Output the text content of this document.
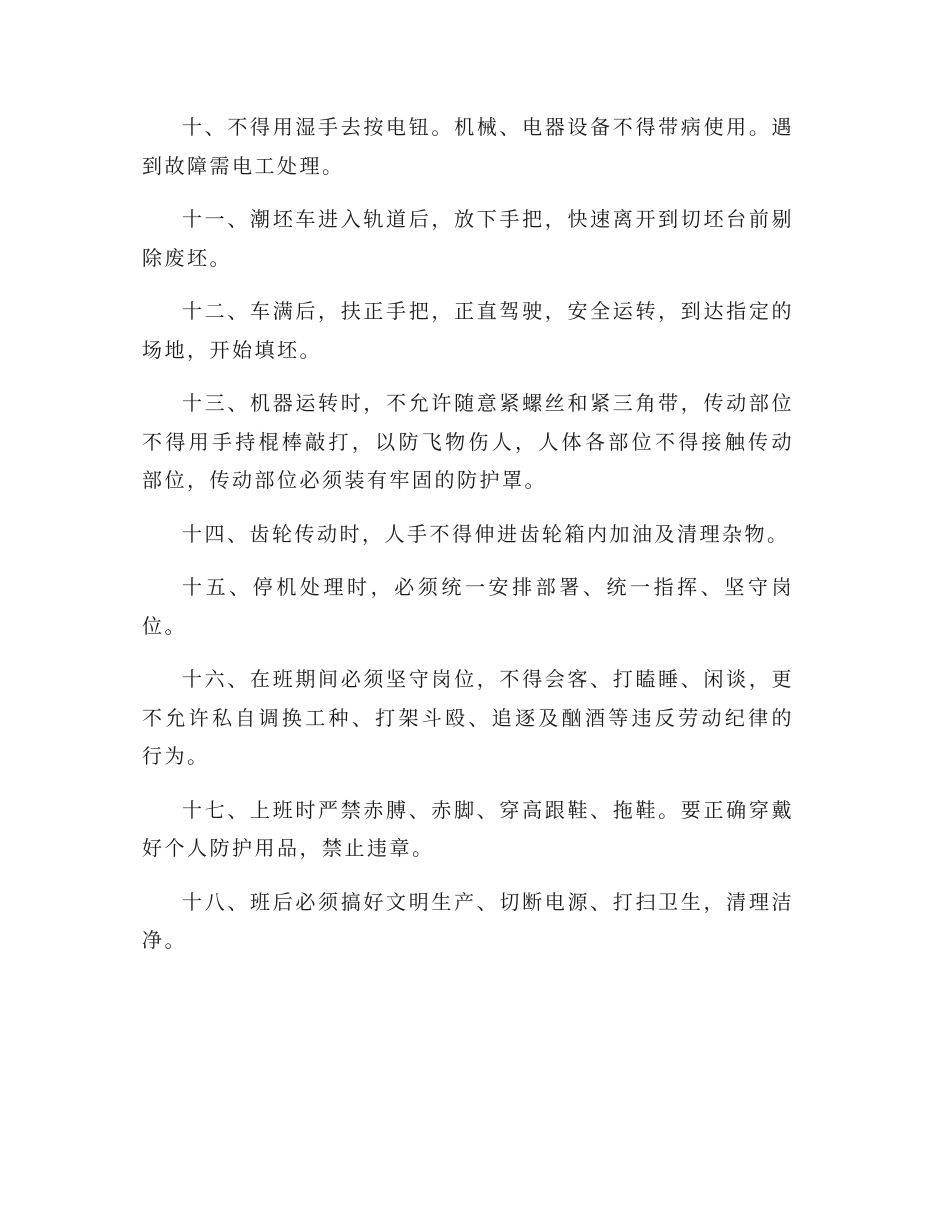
十、不得用湿手去按电钮。机械、电器设备不得带病使用。遇到故障需电工处理。

十一、潮坯车进入轨道后，放下手把，快速离开到切坯台前剔除废坯。

十二、车满后，扶正手把，正直驾驶，安全运转，到达指定的场地，开始填坯。

十三、机器运转时，不允许随意紧螺丝和紧三角带，传动部位不得用手持棍棒敲打，以防飞物伤人，人体各部位不得接触传动部位，传动部位必须装有牢固的防护罩。

十四、齿轮传动时，人手不得伸进齿轮箱内加油及清理杂物。

十五、停机处理时，必须统一安排部署、统一指挥、坚守岗位。

十六、在班期间必须坚守岗位，不得会客、打瞌睡、闲谈，更不允许私自调换工种、打架斗殴、追逐及酗酒等违反劳动纪律的行为。

十七、上班时严禁赤膊、赤脚、穿高跟鞋、拖鞋。要正确穿戴好个人防护用品，禁止违章。

十八、班后必须搞好文明生产、切断电源、打扫卫生，清理洁净。
